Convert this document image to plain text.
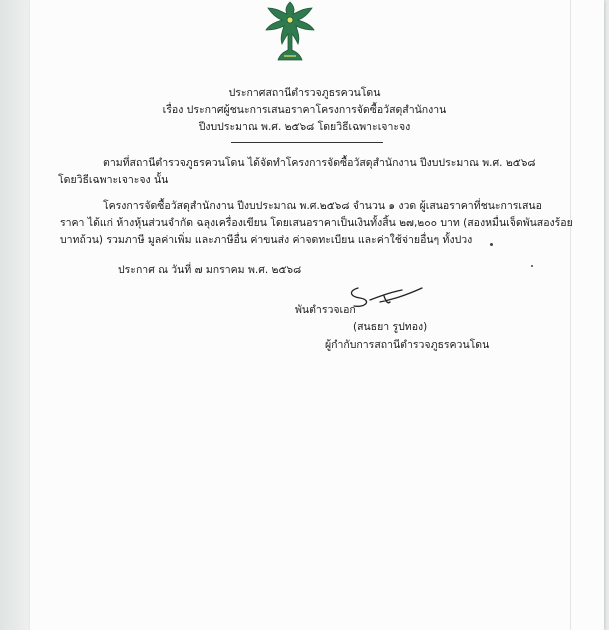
ประกาศสถานีตำรวจภูธรควนโดน
เรื่อง ประกาศผู้ชนะการเสนอราคาโครงการจัดซื้อวัสดุสำนักงาน
ปีงบประมาณ พ.ศ. ๒๕๖๘ โดยวิธีเฉพาะเจาะจง
ตามที่สถานีตำรวจภูธรควนโดน ได้จัดทำโครงการจัดซื้อวัสดุสำนักงาน ปีงบประมาณ พ.ศ. ๒๕๖๘
โดยวิธีเฉพาะเจาะจง นั้น
โครงการจัดซื้อวัสดุสำนักงาน ปีงบประมาณ พ.ศ.๒๕๖๘ จำนวน ๑ งวด ผู้เสนอราคาที่ชนะการเสนอ
ราคา ได้แก่ ห้างหุ้นส่วนจำกัด ฉลุงเครื่องเขียน โดยเสนอราคาเป็นเงินทั้งสิ้น ๒๗,๒๐๐ บาท (สองหมื่นเจ็ดพันสองร้อย
บาทถ้วน) รวมภาษี มูลค่าเพิ่ม และภาษีอื่น ค่าขนส่ง ค่าจดทะเบียน และค่าใช้จ่ายอื่นๆ ทั้งปวง
ประกาศ ณ วันที่ ๗ มกราคม พ.ศ. ๒๕๖๘
พันตำรวจเอก
(สนธยา รูปทอง)
ผู้กำกับการสถานีตำรวจภูธรควนโดน
